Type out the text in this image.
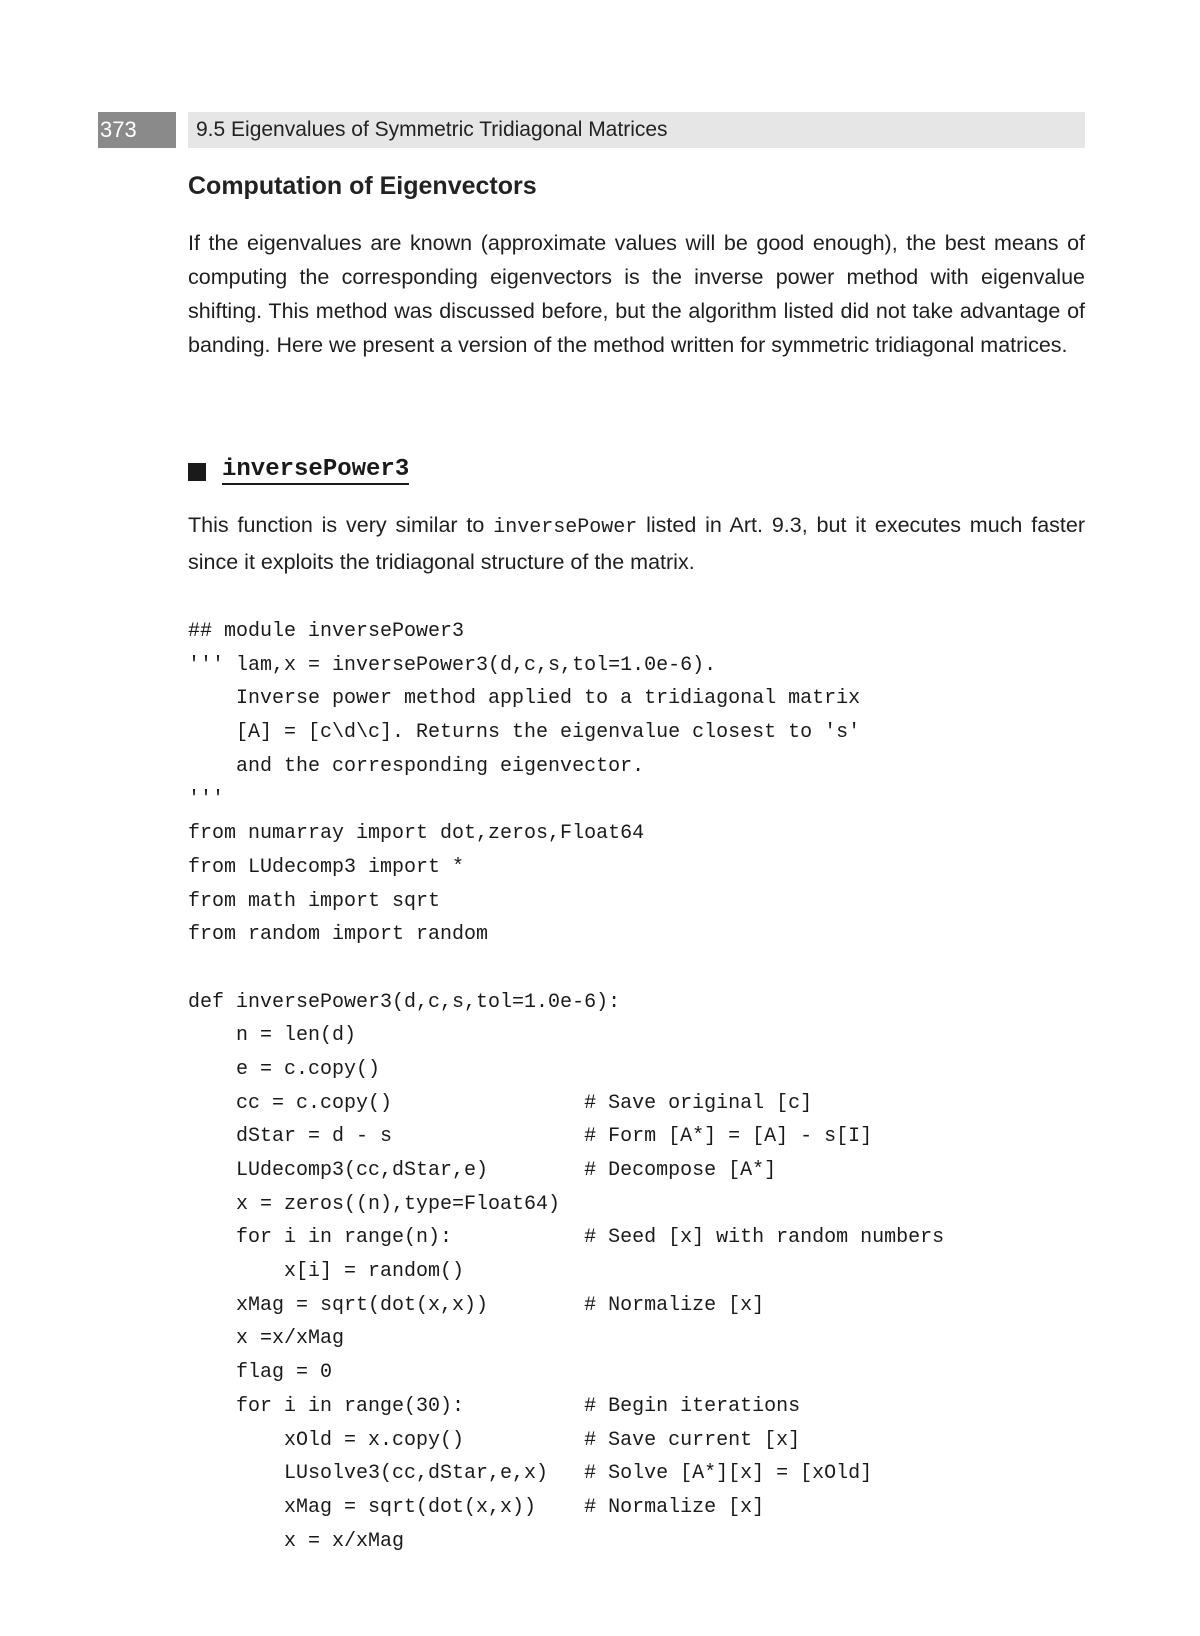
373	9.5 Eigenvalues of Symmetric Tridiagonal Matrices
Computation of Eigenvectors

If the eigenvalues are known (approximate values will be good enough), the best means of computing the corresponding eigenvectors is the inverse power method with eigenvalue shifting. This method was discussed before, but the algorithm listed did not take advantage of banding. Here we present a version of the method written for symmetric tridiagonal matrices.

inversePower3

This function is very similar to inversePower listed in Art. 9.3, but it executes much faster since it exploits the tridiagonal structure of the matrix.

## module inversePower3
''' lam,x = inversePower3(d,c,s,tol=1.0e-6).
Inverse power method applied to a tridiagonal matrix
[A] = [c\d\c]. Returns the eigenvalue closest to 's'
and the corresponding eigenvector.
'''
from numarray import dot,zeros,Float64
from LUdecomp3 import *
from math import sqrt
from random import random
def inversePower3(d,c,s,tol=1.0e-6):
n = len(d)
e = c.copy()
cc = c.copy()                # Save original [c]
dStar = d - s                # Form [A*] = [A] - s[I]
LUdecomp3(cc,dStar,e)        # Decompose [A*]
x = zeros((n),type=Float64)
for i in range(n):           # Seed [x] with random numbers
x[i] = random()
xMag = sqrt(dot(x,x))        # Normalize [x]
x =x/xMag
flag = 0
for i in range(30):          # Begin iterations
xOld = x.copy()          # Save current [x]
LUsolve3(cc,dStar,e,x)   # Solve [A*][x] = [xOld]
xMag = sqrt(dot(x,x))    # Normalize [x]
x = x/xMag
